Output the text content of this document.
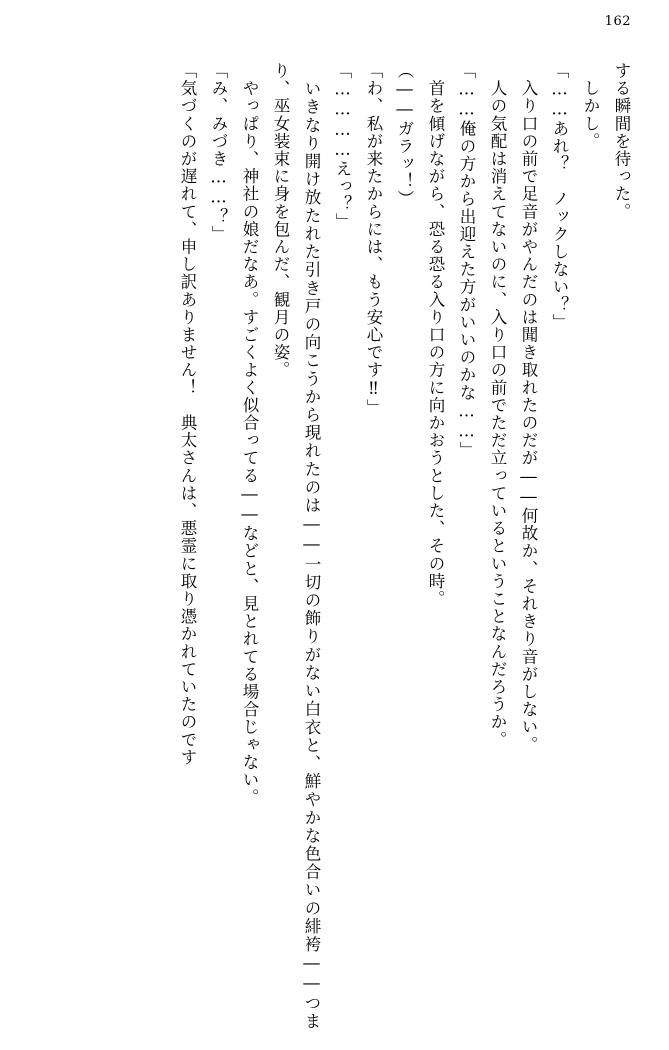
162

する瞬間を待った。

　しかし。

「……あれ？　ノックしない？」

　入り口の前で足音がやんだのは聞き取れたのだが――何故か、それきり音がしない。

　人の気配は消えてないのに、入り口の前でただ立っているということなんだろうか。

「……俺の方から出迎えた方がいいのかな……」

　首を傾げながら、恐る恐る入り口の方に向かおうとした、その時。

（――ガラッ！）

「わ、私が来たからには、もう安心です‼」

「…………えっ？」

　いきなり開け放たれた引き戸の向こうから現れたのは――一切の飾りがない白衣と、鮮やかな色合いの緋袴――つまり、巫女装束に身を包んだ、観月の姿。

　やっぱり、神社の娘だなあ。すごくよく似合ってる――などと、見とれてる場合じゃない。

「み、みづき……？」

「気づくのが遅れて、申し訳ありません！　典太さんは、悪霊に取り憑かれていたのです
